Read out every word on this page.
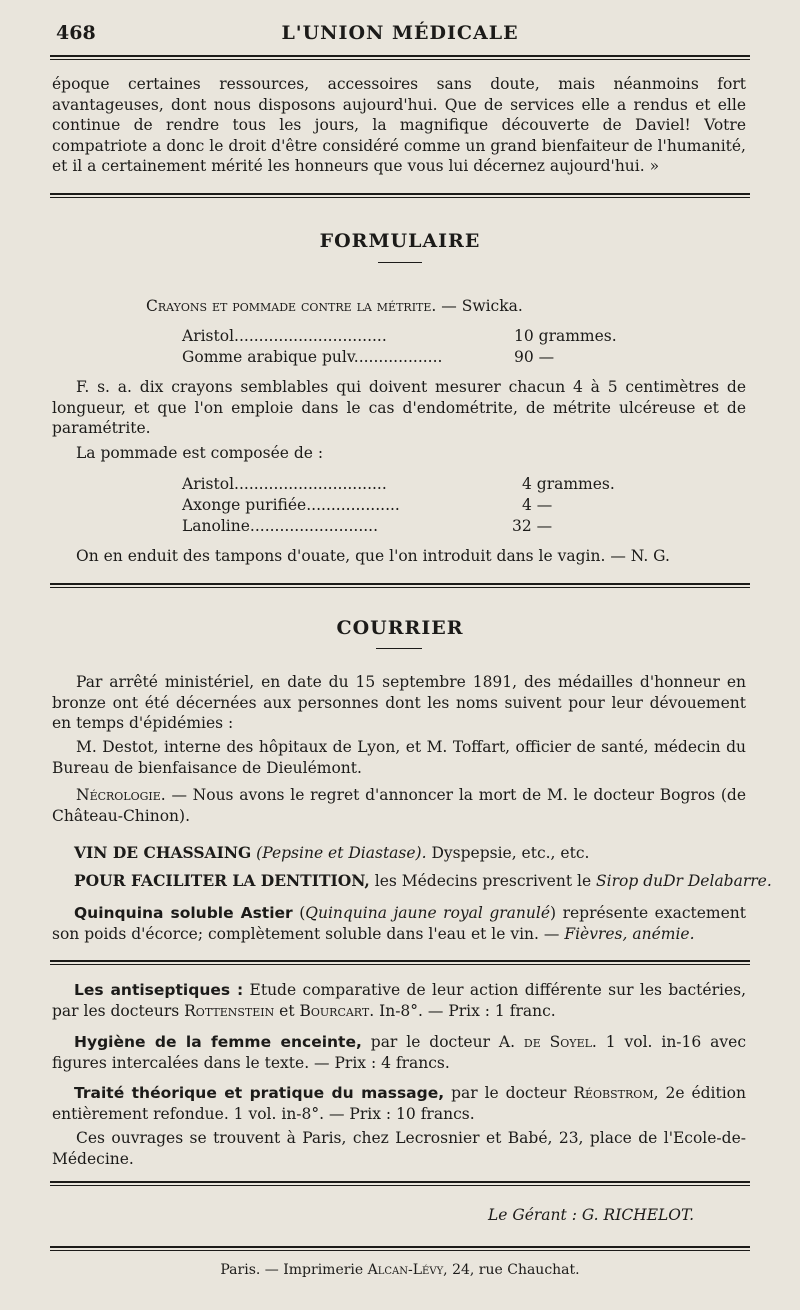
468	L'UNION MÉDICALE
époque certaines ressources, accessoires sans doute, mais néanmoins fort avantageuses, dont nous disposons aujourd'hui. Que de services elle a rendus et elle continue de rendre tous les jours, la magnifique découverte de Daviel! Votre compatriote a donc le droit d'être considéré comme un grand bienfaiteur de l'humanité, et il a certainement mérité les honneurs que vous lui décernez aujourd'hui. »
FORMULAIRE
Crayons et pommade contre la métrite. — Swicka.
Aristol...............................	10 grammes.
Gomme arabique pulv..................	90 —
F. s. a. dix crayons semblables qui doivent mesurer chacun 4 à 5 centimètres de longueur, et que l'on emploie dans le cas d'endométrite, de métrite ulcéreuse et de paramétrite.
La pommade est composée de :
Aristol...............................	4 grammes.
Axonge purifiée...................	4 —
Lanoline..........................	32 —
On en enduit des tampons d'ouate, que l'on introduit dans le vagin. — N. G.
COURRIER
Par arrêté ministériel, en date du 15 septembre 1891, des médailles d'honneur en bronze ont été décernées aux personnes dont les noms suivent pour leur dévouement en temps d'épidémies :
M. Destot, interne des hôpitaux de Lyon, et M. Toffart, officier de santé, médecin du Bureau de bienfaisance de Dieulémont.
Nécrologie. — Nous avons le regret d'annoncer la mort de M. le docteur Bogros (de Château-Chinon).
VIN DE CHASSAING (Pepsine et Diastase). Dyspepsie, etc., etc.
POUR FACILITER LA DENTITION, les Médecins prescrivent le Sirop duDr Delabarre.
Quinquina soluble Astier (Quinquina jaune royal granulé) représente exactement son poids d'écorce; complètement soluble dans l'eau et le vin. — Fièvres, anémie.
Les antiseptiques : Etude comparative de leur action différente sur les bactéries, par les docteurs Rottenstein et Bourcart. In-8°. — Prix : 1 franc.
Hygiène de la femme enceinte, par le docteur A. de Soyel. 1 vol. in-16 avec figures intercalées dans le texte. — Prix : 4 francs.
Traité théorique et pratique du massage, par le docteur Réobstrom, 2e édition entièrement refondue. 1 vol. in-8°. — Prix : 10 francs.
Ces ouvrages se trouvent à Paris, chez Lecrosnier et Babé, 23, place de l'Ecole-de-Médecine.
Le Gérant : G. RICHELOT.
Paris. — Imprimerie Alcan-Lévy, 24, rue Chauchat.
